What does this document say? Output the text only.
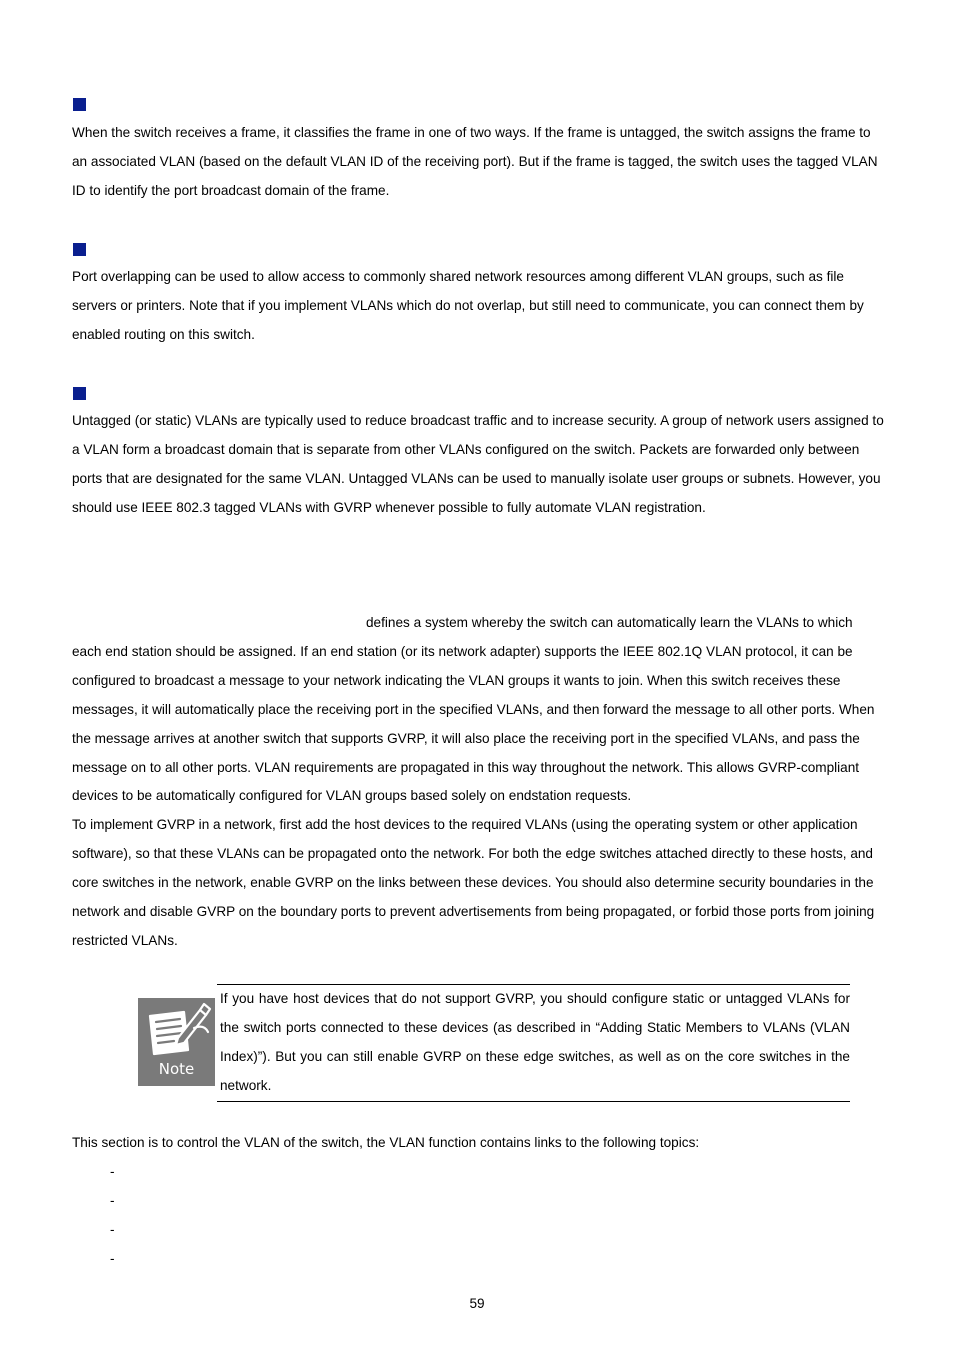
When the switch receives a frame, it classifies the frame in one of two ways. If the frame is untagged, the switch assigns the frame to an associated VLAN (based on the default VLAN ID of the receiving port). But if the frame is tagged, the switch uses the tagged VLAN ID to identify the port broadcast domain of the frame.

Port overlapping can be used to allow access to commonly shared network resources among different VLAN groups, such as file servers or printers. Note that if you implement VLANs which do not overlap, but still need to communicate, you can connect them by enabled routing on this switch.

Untagged (or static) VLANs are typically used to reduce broadcast traffic and to increase security. A group of network users assigned to a VLAN form a broadcast domain that is separate from other VLANs configured on the switch. Packets are forwarded only between ports that are designated for the same VLAN. Untagged VLANs can be used to manually isolate user groups or subnets. However, you should use IEEE 802.3 tagged VLANs with GVRP whenever possible to fully automate VLAN registration.

defines a system whereby the switch can automatically learn the VLANs to which each end station should be assigned. If an end station (or its network adapter) supports the IEEE 802.1Q VLAN protocol, it can be configured to broadcast a message to your network indicating the VLAN groups it wants to join. When this switch receives these messages, it will automatically place the receiving port in the specified VLANs, and then forward the message to all other ports. When the message arrives at another switch that supports GVRP, it will also place the receiving port in the specified VLANs, and pass the message on to all other ports. VLAN requirements are propagated in this way throughout the network. This allows GVRP-compliant devices to be automatically configured for VLAN groups based solely on endstation requests.

To implement GVRP in a network, first add the host devices to the required VLANs (using the operating system or other application software), so that these VLANs can be propagated onto the network. For both the edge switches attached directly to these hosts, and core switches in the network, enable GVRP on the links between these devices. You should also determine security boundaries in the network and disable GVRP on the boundary ports to prevent advertisements from being propagated, or forbid those ports from joining restricted VLANs.

Note

If you have host devices that do not support GVRP, you should configure static or untagged VLANs for the switch ports connected to these devices (as described in “Adding Static Members to VLANs (VLAN Index)”). But you can still enable GVRP on these edge switches, as well as on the core switches in the network.

This section is to control the VLAN of the switch, the VLAN function contains links to the following topics:

-
-
-
-
59
